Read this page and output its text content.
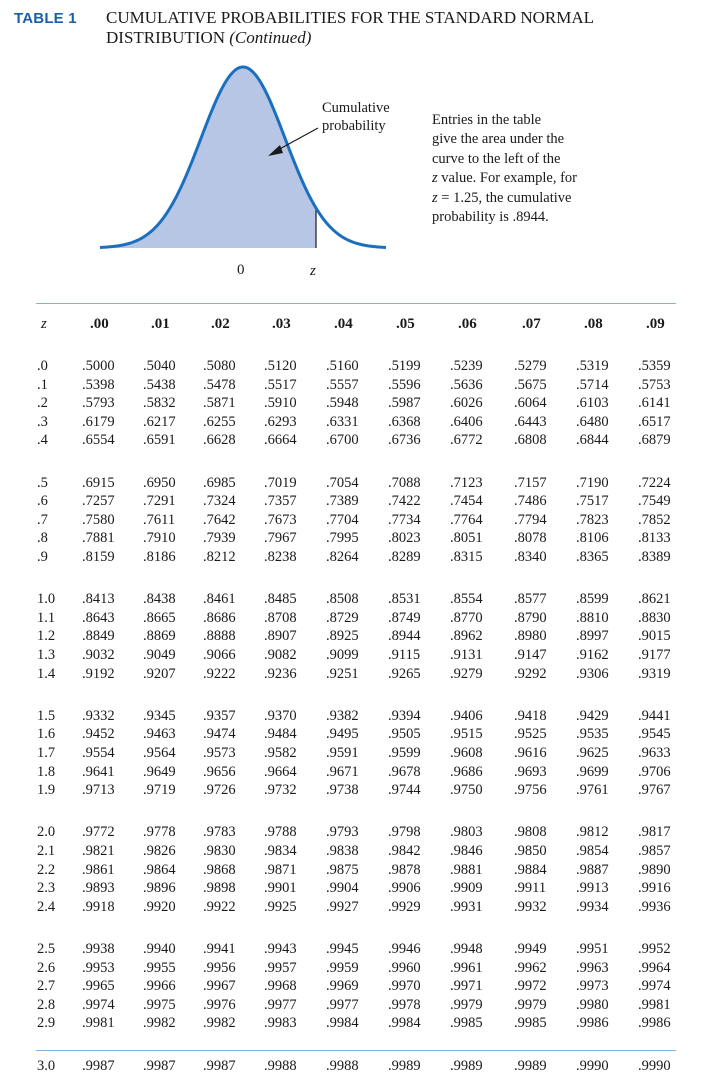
TABLE 1 CUMULATIVE PROBABILITIES FOR THE STANDARD NORMAL
DISTRIBUTION (Continued)
Cumulative
probability
0	z
Entries in the table
give the area under the
curve to the left of the
z value. For example, for
z = 1.25, the cumulative
probability is .8944.
z	.00	.01	.02	.03	.04	.05	.06	.07	.08	.09
.0 .5000 .5040 .5080 .5120 .5160 .5199 .5239 .5279 .5319 .5359
.1 .5398 .5438 .5478 .5517 .5557 .5596 .5636 .5675 .5714 .5753
.2 .5793 .5832 .5871 .5910 .5948 .5987 .6026 .6064 .6103 .6141
.3 .6179 .6217 .6255 .6293 .6331 .6368 .6406 .6443 .6480 .6517
.4 .6554 .6591 .6628 .6664 .6700 .6736 .6772 .6808 .6844 .6879
.5 .6915 .6950 .6985 .7019 .7054 .7088 .7123 .7157 .7190 .7224
.6 .7257 .7291 .7324 .7357 .7389 .7422 .7454 .7486 .7517 .7549
.7 .7580 .7611 .7642 .7673 .7704 .7734 .7764 .7794 .7823 .7852
.8 .7881 .7910 .7939 .7967 .7995 .8023 .8051 .8078 .8106 .8133
.9 .8159 .8186 .8212 .8238 .8264 .8289 .8315 .8340 .8365 .8389
1.0 .8413 .8438 .8461 .8485 .8508 .8531 .8554 .8577 .8599 .8621
1.1 .8643 .8665 .8686 .8708 .8729 .8749 .8770 .8790 .8810 .8830
1.2 .8849 .8869 .8888 .8907 .8925 .8944 .8962 .8980 .8997 .9015
1.3 .9032 .9049 .9066 .9082 .9099 .9115 .9131 .9147 .9162 .9177
1.4 .9192 .9207 .9222 .9236 .9251 .9265 .9279 .9292 .9306 .9319
1.5 .9332 .9345 .9357 .9370 .9382 .9394 .9406 .9418 .9429 .9441
1.6 .9452 .9463 .9474 .9484 .9495 .9505 .9515 .9525 .9535 .9545
1.7 .9554 .9564 .9573 .9582 .9591 .9599 .9608 .9616 .9625 .9633
1.8 .9641 .9649 .9656 .9664 .9671 .9678 .9686 .9693 .9699 .9706
1.9 .9713 .9719 .9726 .9732 .9738 .9744 .9750 .9756 .9761 .9767
2.0 .9772 .9778 .9783 .9788 .9793 .9798 .9803 .9808 .9812 .9817
2.1 .9821 .9826 .9830 .9834 .9838 .9842 .9846 .9850 .9854 .9857
2.2 .9861 .9864 .9868 .9871 .9875 .9878 .9881 .9884 .9887 .9890
2.3 .9893 .9896 .9898 .9901 .9904 .9906 .9909 .9911 .9913 .9916
2.4 .9918 .9920 .9922 .9925 .9927 .9929 .9931 .9932 .9934 .9936
2.5 .9938 .9940 .9941 .9943 .9945 .9946 .9948 .9949 .9951 .9952
2.6 .9953 .9955 .9956 .9957 .9959 .9960 .9961 .9962 .9963 .9964
2.7 .9965 .9966 .9967 .9968 .9969 .9970 .9971 .9972 .9973 .9974
2.8 .9974 .9975 .9976 .9977 .9977 .9978 .9979 .9979 .9980 .9981
2.9 .9981 .9982 .9982 .9983 .9984 .9984 .9985 .9985 .9986 .9986
3.0 .9987 .9987 .9987 .9988 .9988 .9989 .9989 .9989 .9990 .9990
